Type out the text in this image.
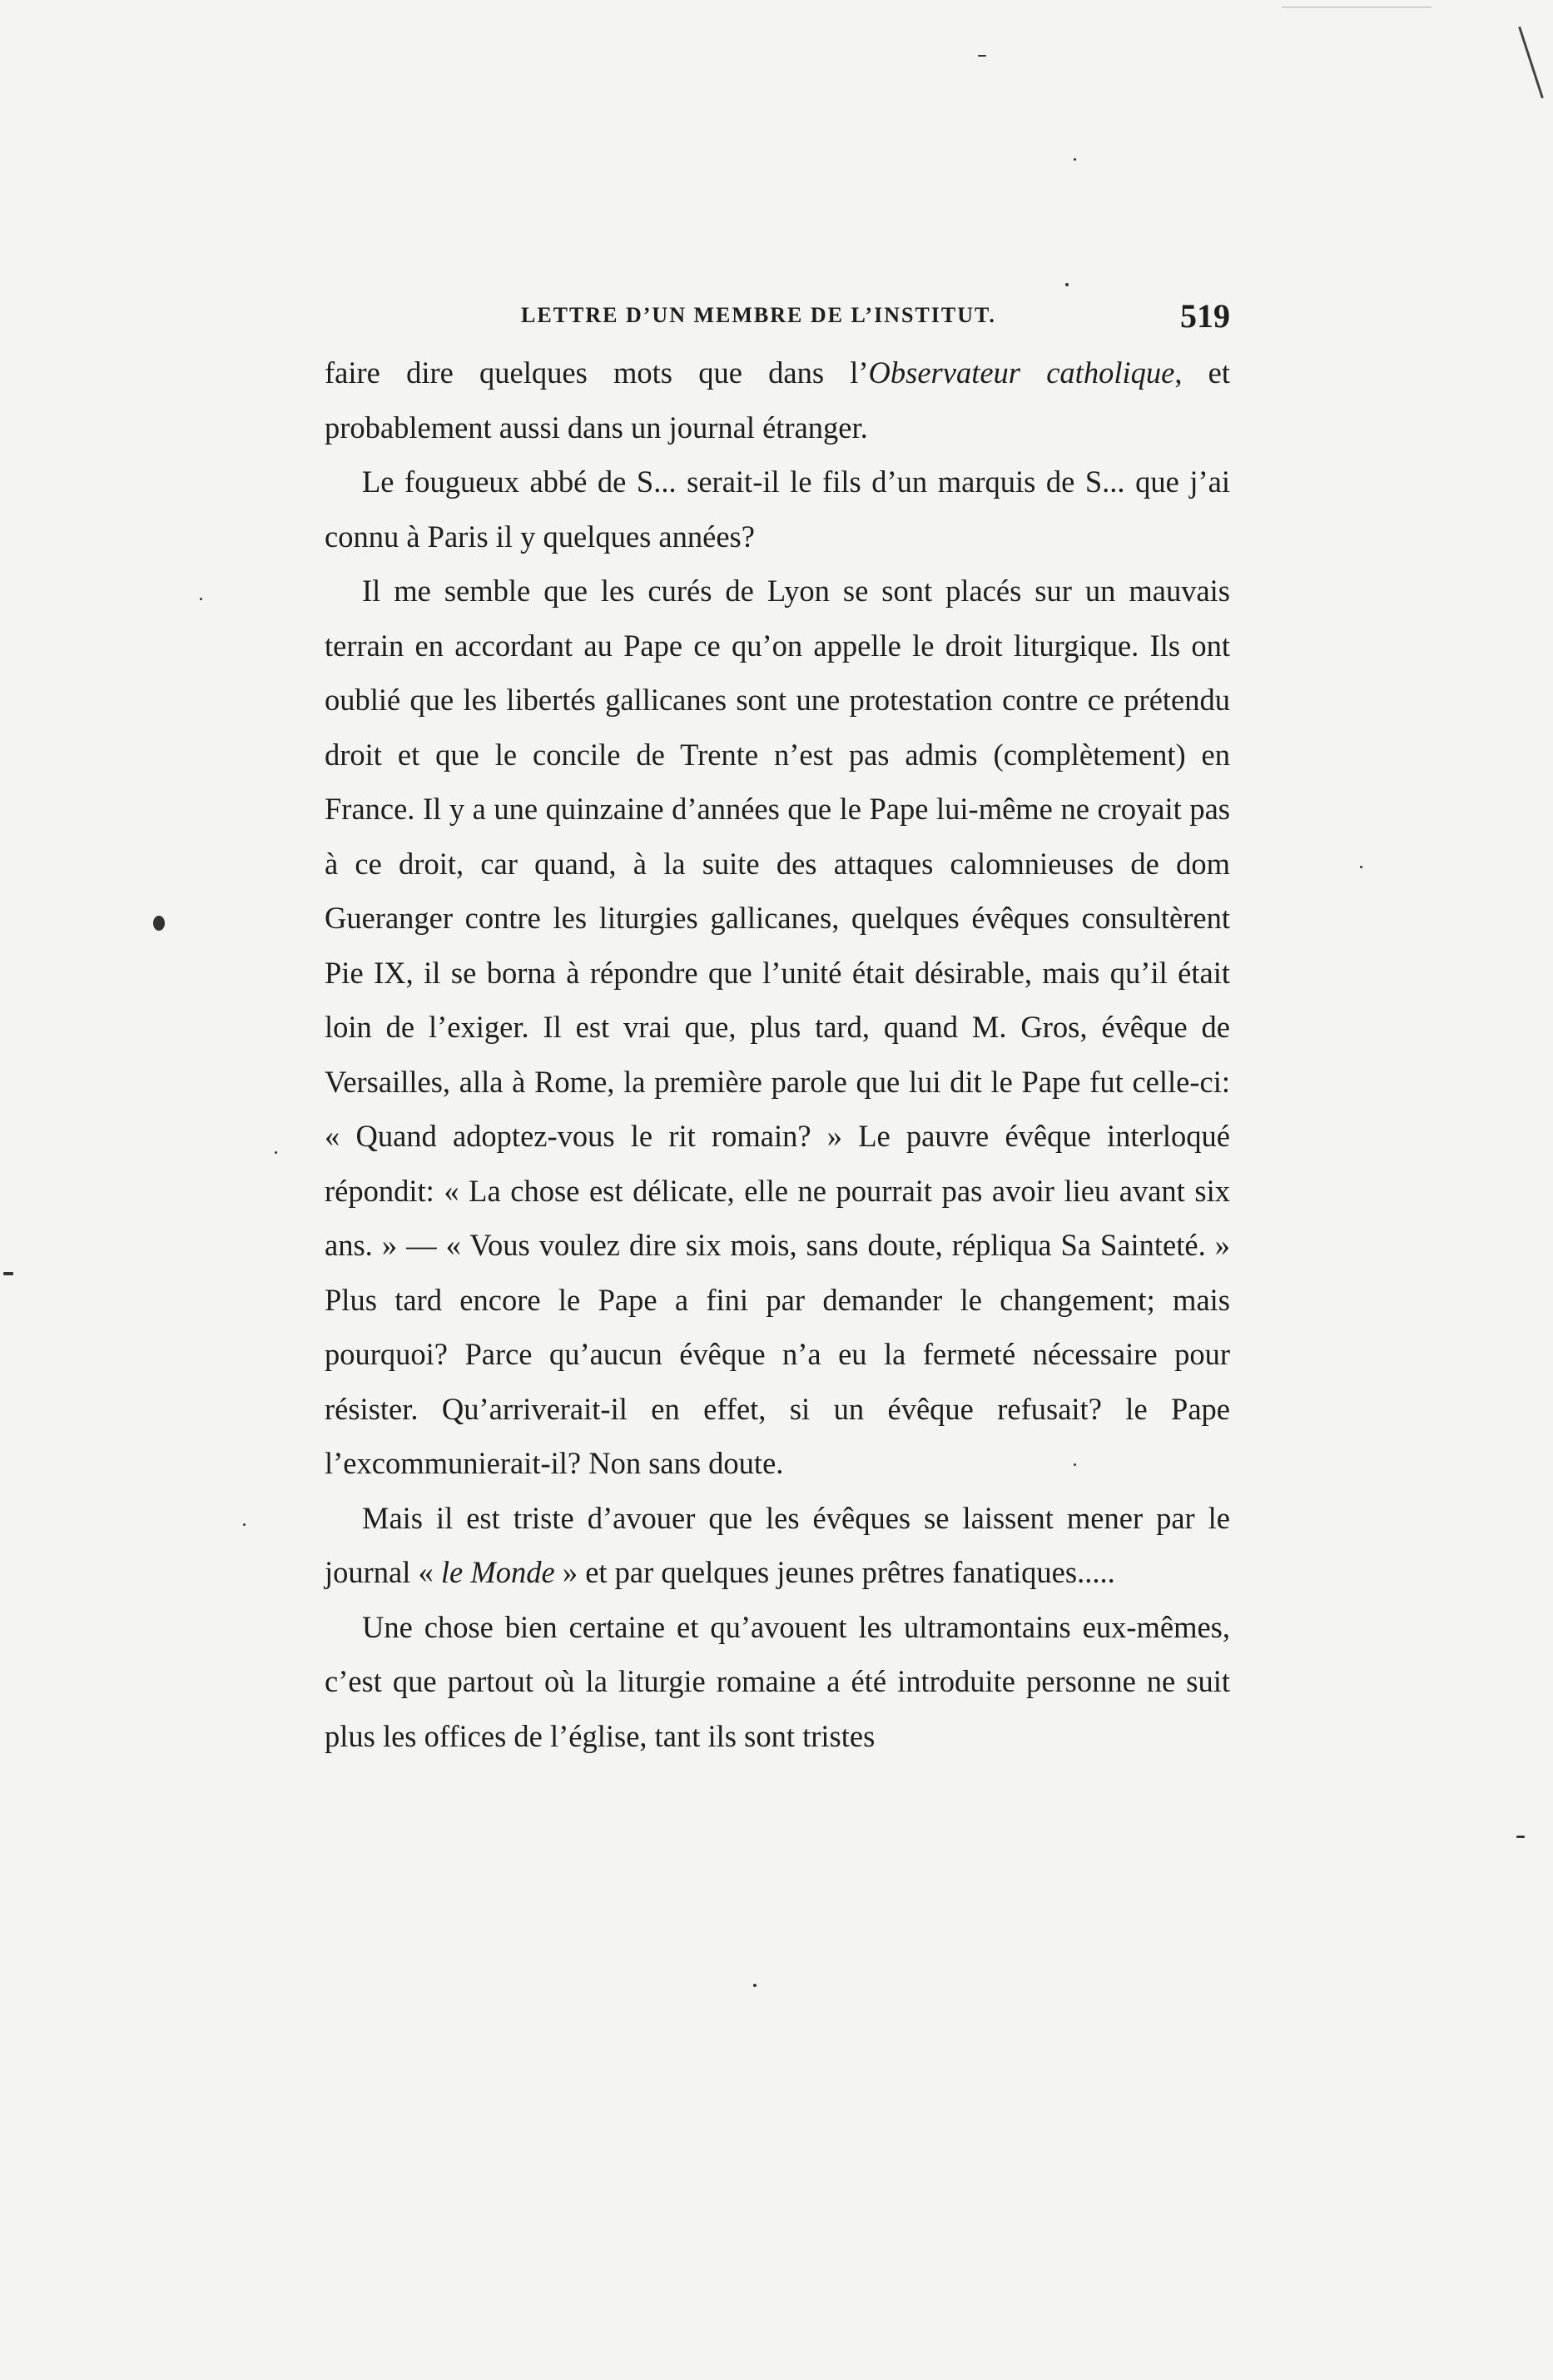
LETTRE D’UN MEMBRE DE L’INSTITUT.	519

faire dire quelques mots que dans l’Observateur catholique, et probablement aussi dans un journal étranger.

Le fougueux abbé de S... serait-il le fils d’un marquis de S... que j’ai connu à Paris il y quelques années?

Il me semble que les curés de Lyon se sont placés sur un mauvais terrain en accordant au Pape ce qu’on appelle le droit liturgique. Ils ont oublié que les libertés gallicanes sont une protestation contre ce prétendu droit et que le concile de Trente n’est pas admis (complètement) en France. Il y a une quinzaine d’années que le Pape lui-même ne croyait pas à ce droit, car quand, à la suite des attaques calomnieuses de dom Gueranger contre les liturgies gallicanes, quelques évêques consultèrent Pie IX, il se borna à répondre que l’unité était désirable, mais qu’il était loin de l’exiger. Il est vrai que, plus tard, quand M. Gros, évêque de Versailles, alla à Rome, la première parole que lui dit le Pape fut celle-ci: « Quand adoptez-vous le rit romain? » Le pauvre évêque interloqué répondit: « La chose est délicate, elle ne pourrait pas avoir lieu avant six ans. » — « Vous voulez dire six mois, sans doute, répliqua Sa Sainteté. » Plus tard encore le Pape a fini par demander le changement; mais pourquoi? Parce qu’aucun évêque n’a eu la fermeté nécessaire pour résister. Qu’arriverait-il en effet, si un évêque refusait? le Pape l’excommunierait-il? Non sans doute.

Mais il est triste d’avouer que les évêques se laissent mener par le journal « le Monde » et par quelques jeunes prêtres fanatiques.....

Une chose bien certaine et qu’avouent les ultramontains eux-mêmes, c’est que partout où la liturgie romaine a été introduite personne ne suit plus les offices de l’église, tant ils sont tristes
